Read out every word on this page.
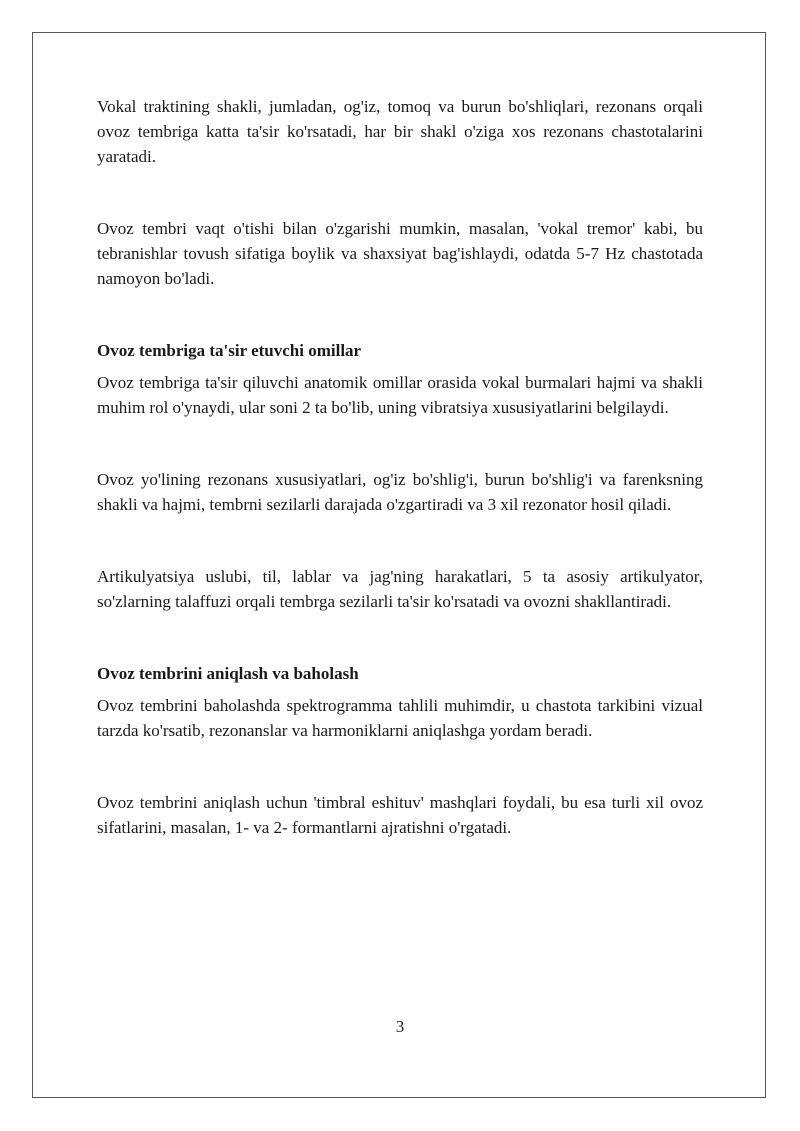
Vokal traktining shakli, jumladan, og'iz, tomoq va burun bo'shliqlari, rezonans orqali ovoz tembriga katta ta'sir ko'rsatadi, har bir shakl o'ziga xos rezonans chastotalarini yaratadi.

Ovoz tembri vaqt o'tishi bilan o'zgarishi mumkin, masalan, 'vokal tremor' kabi, bu tebranishlar tovush sifatiga boylik va shaxsiyat bag'ishlaydi, odatda 5-7 Hz chastotada namoyon bo'ladi.

Ovoz tembriga ta'sir etuvchi omillar

Ovoz tembriga ta'sir qiluvchi anatomik omillar orasida vokal burmalari hajmi va shakli muhim rol o'ynaydi, ular soni 2 ta bo'lib, uning vibratsiya xususiyatlarini belgilaydi.

Ovoz yo'lining rezonans xususiyatlari, og'iz bo'shlig'i, burun bo'shlig'i va farenksning shakli va hajmi, tembrni sezilarli darajada o'zgartiradi va 3 xil rezonator hosil qiladi.

Artikulyatsiya uslubi, til, lablar va jag'ning harakatlari, 5 ta asosiy artikulyator, so'zlarning talaffuzi orqali tembrga sezilarli ta'sir ko'rsatadi va ovozni shakllantiradi.

Ovoz tembrini aniqlash va baholash

Ovoz tembrini baholashda spektrogramma tahlili muhimdir, u chastota tarkibini vizual tarzda ko'rsatib, rezonanslar va harmoniklarni aniqlashga yordam beradi.

Ovoz tembrini aniqlash uchun 'timbral eshituv' mashqlari foydali, bu esa turli xil ovoz sifatlarini, masalan, 1- va 2- formantlarni ajratishni o'rgatadi.

3
